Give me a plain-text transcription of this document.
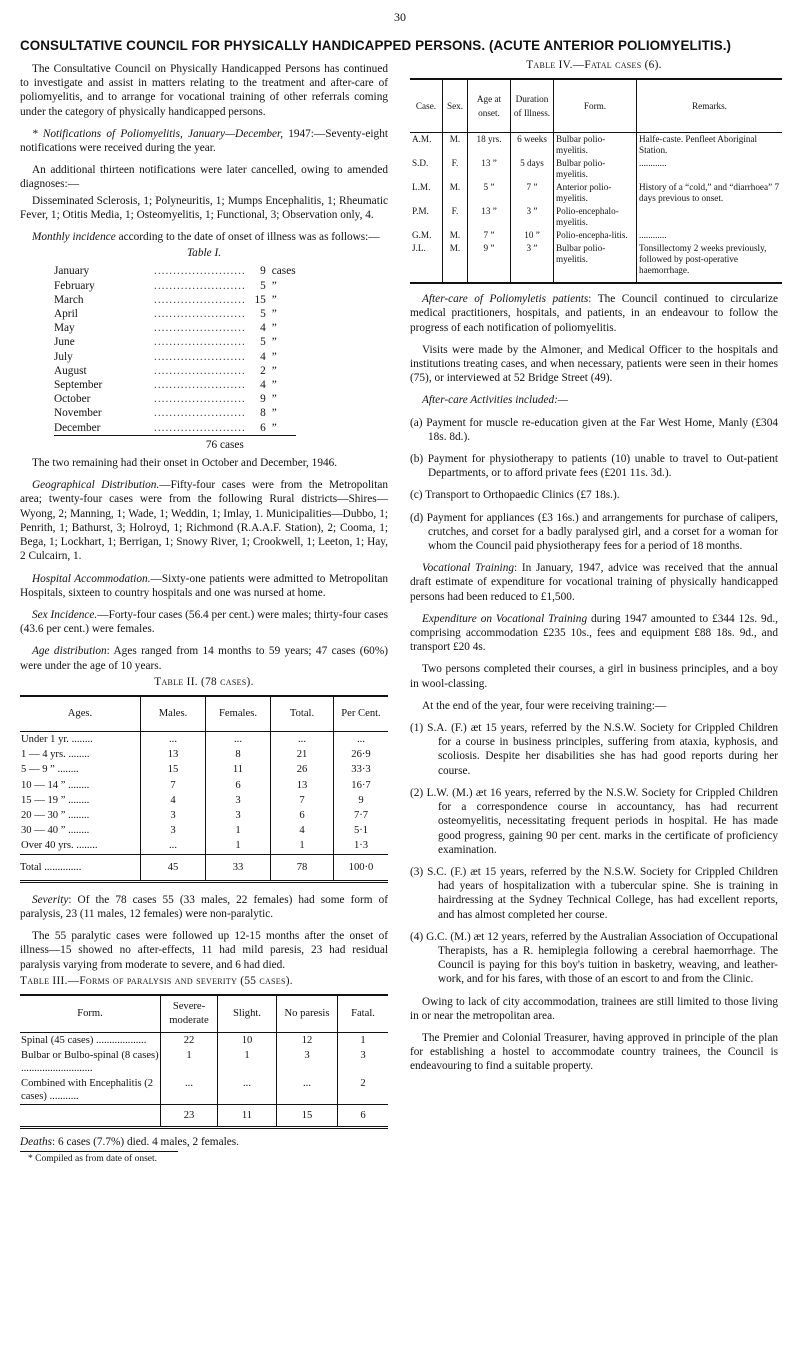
30
CONSULTATIVE COUNCIL FOR PHYSICALLY HANDICAPPED PERSONS. (ACUTE ANTERIOR POLIOMYELITIS.)

The Consultative Council on Physically Handicapped Persons has continued to investigate and assist in matters relating to the treatment and after-care of poliomyelitis, and to arrange for vocational training of other referrals coming under the category of physically handicapped persons.

* Notifications of Poliomyelitis, January—December, 1947:—Seventy-eight notifications were received during the year.

An additional thirteen notifications were later cancelled, owing to amended diagnoses:—

Disseminated Sclerosis, 1; Polyneuritis, 1; Mumps Encephalitis, 1; Rheumatic Fever, 1; Otitis Media, 1; Osteomyelitis, 1; Functional, 3; Observation only, 4.

Monthly incidence according to the date of onset of illness was as follows:—

Table I.
January	........................	9	cases
February	........................	5	”
March	........................	15	”
April	........................	5	”
May	........................	4	”
June	........................	5	”
July	........................	4	”
August	........................	2	”
September	........................	4	”
October	........................	9	”
November	........................	8	”
December	........................	6	”
	76 cases		

The two remaining had their onset in October and December, 1946.

Geographical Distribution.—Fifty-four cases were from the Metropolitan area; twenty-four cases were from the following Rural districts—Shires—Wyong, 2; Manning, 1; Wade, 1; Weddin, 1; Imlay, 1. Municipalities—Dubbo, 1; Penrith, 1; Bathurst, 3; Holroyd, 1; Richmond (R.A.A.F. Station), 2; Cooma, 1; Bega, 1; Lockhart, 1; Berrigan, 1; Snowy River, 1; Crookwell, 1; Leeton, 1; Hay, 2 Culcairn, 1.

Hospital Accommodation.—Sixty-one patients were admitted to Metropolitan Hospitals, sixteen to country hospitals and one was nursed at home.

Sex Incidence.—Forty-four cases (56.4 per cent.) were males; thirty-four cases (43.6 per cent.) were females.

Age distribution: Ages ranged from 14 months to 59 years; 47 cases (60%) were under the age of 10 years.

Table II. (78 cases).
Ages.	Males.	Females.	Total.	Per Cent.
Under 1 yr. ........	...	...	...	...
1 — 4 yrs. ........	13	8	21	26·9
5 — 9 ” ........	15	11	26	33·3
10 — 14 ” ........	7	6	13	16·7
15 — 19 ” ........	4	3	7	9
20 — 30 ” ........	3	3	6	7·7
30 — 40 ” ........	3	1	4	5·1
Over 40 yrs. ........	...	1	1	1·3
Total ..............	45	33	78	100·0

Severity: Of the 78 cases 55 (33 males, 22 females) had some form of paralysis, 23 (11 males, 12 females) were non-paralytic.

The 55 paralytic cases were followed up 12-15 months after the onset of illness—15 showed no after-effects, 11 had mild paresis, 23 had residual paralysis varying from moderate to severe, and 6 had died.

Table III.—Forms of paralysis and severity (55 cases).
Form.	Severe-moderate	Slight.	No paresis	Fatal.
Spinal (45 cases) ...................	22	10	12	1
Bulbar or Bulbo-spinal (8 cases) ...........................	1	1	3	3
Combined with Encephalitis (2 cases) ...........	...	...	...	2
	23	11	15	6

Deaths: 6 cases (7.7%) died. 4 males, 2 females.

* Compiled as from date of onset.
Table IV.—Fatal cases (6).
Case.	Sex.	Age at onset.	Duration of Illness.	Form.	Remarks.
A.M.	M.	18 yrs.	6 weeks	Bulbar polio-myelitis.	Halfe-caste. Penfleet Aboriginal Station.
S.D.	F.	13 ”	5 days	Bulbar polio-myelitis.	............
L.M.	M.	5 ”	7 ”	Anterior polio-myelitis.	History of a “cold,” and “diarrhoea” 7 days previous to onset.
P.M.	F.	13 ”	3 ”	Polio-encephalo-myelitis.	
G.M.	M.	7 ”	10 ”	Polio-encepha-litis.	............
J.L.	M.	9 ”	3 ”	Bulbar polio-myelitis.	Tonsillectomy 2 weeks previously, followed by post-operative haemorrhage.

After-care of Poliomyletis patients: The Council continued to circularize medical practitioners, hospitals, and patients, in an endeavour to follow the progress of each notification of poliomyelitis.

Visits were made by the Almoner, and Medical Officer to the hospitals and institutions treating cases, and when necessary, patients were seen in their homes (75), or interviewed at 52 Bridge Street (49).

After-care Activities included:—

(a) Payment for muscle re-education given at the Far West Home, Manly (£304 18s. 8d.).

(b) Payment for physiotherapy to patients (10) unable to travel to Out-patient Departments, or to afford private fees (£201 11s. 3d.).

(c) Transport to Orthopaedic Clinics (£7 18s.).

(d) Payment for appliances (£3 16s.) and arrangements for purchase of calipers, crutches, and corset for a badly paralysed girl, and a corset for a woman for whom the Council paid physiotherapy fees for a period of 18 months.

Vocational Training: In January, 1947, advice was received that the annual draft estimate of expenditure for vocational training of physically handicapped persons had been reduced to £1,500.

Expenditure on Vocational Training during 1947 amounted to £344 12s. 9d., comprising accommodation £235 10s., fees and equipment £88 18s. 9d., and transport £20 4s.

Two persons completed their courses, a girl in business principles, and a boy in wool-classing.

At the end of the year, four were receiving training:—

(1) S.A. (F.) æt 15 years, referred by the N.S.W. Society for Crippled Children for a course in business principles, suffering from ataxia, kyphosis, and scoliosis. Despite her disabilities she has had good reports during her course.

(2) L.W. (M.) æt 16 years, referred by the N.S.W. Society for Crippled Children for a correspondence course in accountancy, has had recurrent osteomyelitis, necessitating frequent periods in hospital. He has made good progress, gaining 90 per cent. marks in the certificate of proficiency examination.

(3) S.C. (F.) æt 15 years, referred by the N.S.W. Society for Crippled Children had years of hospitalization with a tubercular spine. She is training in hairdressing at the Sydney Technical College, has had excellent reports, and has almost completed her course.

(4) G.C. (M.) æt 12 years, referred by the Australian Association of Occupational Therapists, has a R. hemiplegia following a cerebral haemorrhage. The Council is paying for this boy's tuition in basketry, weaving, and leather-work, and for his fares, with those of an escort to and from the Clinic.

Owing to lack of city accommodation, trainees are still limited to those living in or near the metropolitan area.

The Premier and Colonial Treasurer, having approved in principle of the plan for establishing a hostel to accommodate country trainees, the Council is endeavouring to find a suitable property.
